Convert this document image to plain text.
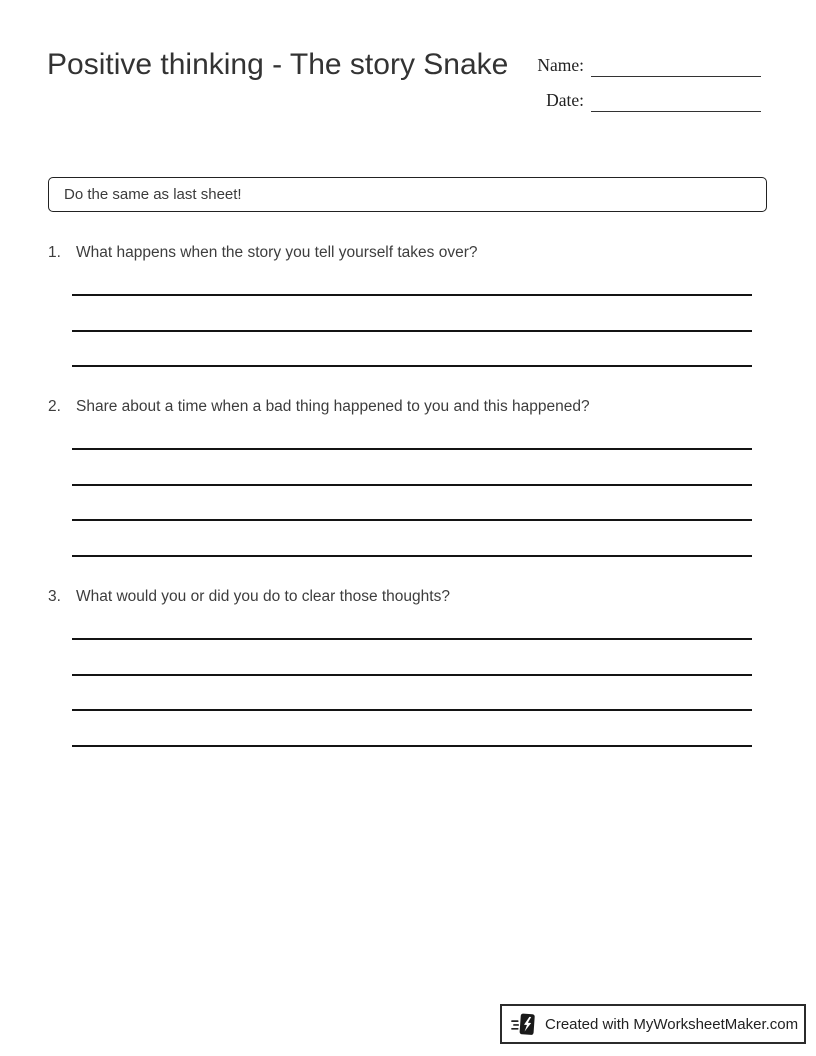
Positive thinking - The story Snake	Name:
Date:
Do the same as last sheet!
1. What happens when the story you tell yourself takes over?
2. Share about a time when a bad thing happened to you and this happened?
3. What would you or did you do to clear those thoughts?
Created with MyWorksheetMaker.com
